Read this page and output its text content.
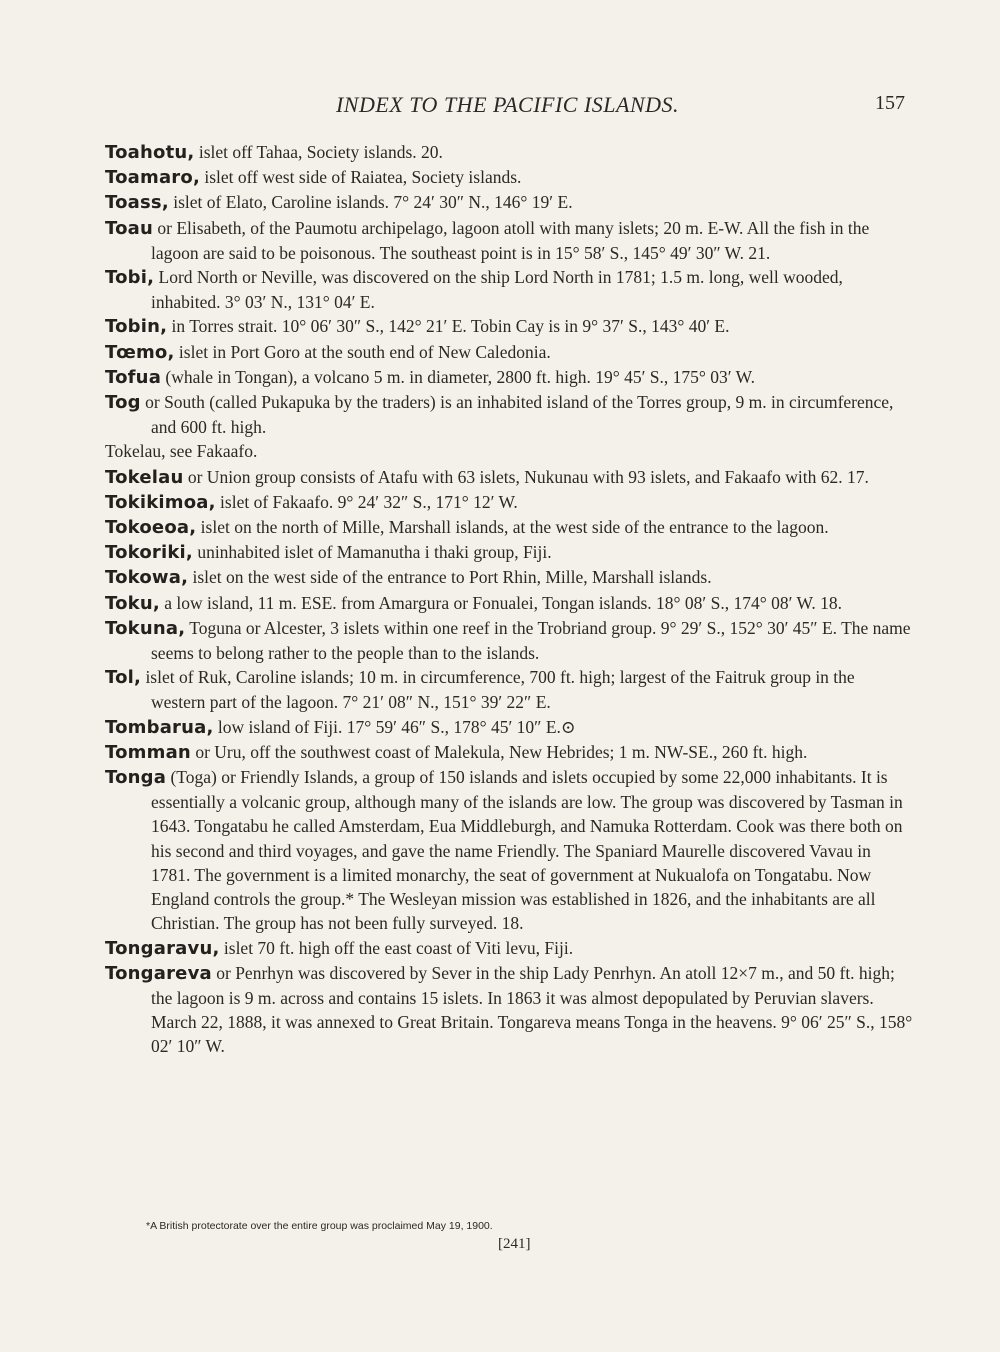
INDEX TO THE PACIFIC ISLANDS.	157

Toahotu, islet off Tahaa, Society islands. 20.

Toamaro, islet off west side of Raiatea, Society islands.

Toass, islet of Elato, Caroline islands. 7° 24′ 30″ N., 146° 19′ E.

Toau or Elisabeth, of the Paumotu archipelago, lagoon atoll with many islets; 20 m. E-W. All the fish in the lagoon are said to be poisonous. The southeast point is in 15° 58′ S., 145° 49′ 30″ W. 21.

Tobi, Lord North or Neville, was discovered on the ship Lord North in 1781; 1.5 m. long, well wooded, inhabited. 3° 03′ N., 131° 04′ E.

Tobin, in Torres strait. 10° 06′ 30″ S., 142° 21′ E. Tobin Cay is in 9° 37′ S., 143° 40′ E.

Tœmo, islet in Port Goro at the south end of New Caledonia.

Tofua (whale in Tongan), a volcano 5 m. in diameter, 2800 ft. high. 19° 45′ S., 175° 03′ W.

Tog or South (called Pukapuka by the traders) is an inhabited island of the Torres group, 9 m. in circumference, and 600 ft. high.

Tokelau, see Fakaafo.

Tokelau or Union group consists of Atafu with 63 islets, Nukunau with 93 islets, and Fakaafo with 62. 17.

Tokikimoa, islet of Fakaafo. 9° 24′ 32″ S., 171° 12′ W.

Tokoeoa, islet on the north of Mille, Marshall islands, at the west side of the entrance to the lagoon.

Tokoriki, uninhabited islet of Mamanutha i thaki group, Fiji.

Tokowa, islet on the west side of the entrance to Port Rhin, Mille, Marshall islands.

Toku, a low island, 11 m. ESE. from Amargura or Fonualei, Tongan islands. 18° 08′ S., 174° 08′ W. 18.

Tokuna, Toguna or Alcester, 3 islets within one reef in the Trobriand group. 9° 29′ S., 152° 30′ 45″ E. The name seems to belong rather to the people than to the islands.

Tol, islet of Ruk, Caroline islands; 10 m. in circumference, 700 ft. high; largest of the Faitruk group in the western part of the lagoon. 7° 21′ 08″ N., 151° 39′ 22″ E.

Tombarua, low island of Fiji. 17° 59′ 46″ S., 178° 45′ 10″ E.⊙

Tomman or Uru, off the southwest coast of Malekula, New Hebrides; 1 m. NW-SE., 260 ft. high.

Tonga (Toga) or Friendly Islands, a group of 150 islands and islets occupied by some 22,000 inhabitants. It is essentially a volcanic group, although many of the islands are low. The group was discovered by Tasman in 1643. Tongatabu he called Amsterdam, Eua Middleburgh, and Namuka Rotterdam. Cook was there both on his second and third voyages, and gave the name Friendly. The Spaniard Maurelle discovered Vavau in 1781. The government is a limited monarchy, the seat of government at Nukualofa on Tongatabu. Now England controls the group.* The Wesleyan mission was established in 1826, and the inhabitants are all Christian. The group has not been fully surveyed. 18.

Tongaravu, islet 70 ft. high off the east coast of Viti levu, Fiji.

Tongareva or Penrhyn was discovered by Sever in the ship Lady Penrhyn. An atoll 12×7 m., and 50 ft. high; the lagoon is 9 m. across and contains 15 islets. In 1863 it was almost depopulated by Peruvian slavers. March 22, 1888, it was annexed to Great Britain. Tongareva means Tonga in the heavens. 9° 06′ 25″ S., 158° 02′ 10″ W.

*A British protectorate over the entire group was proclaimed May 19, 1900.
[241]
